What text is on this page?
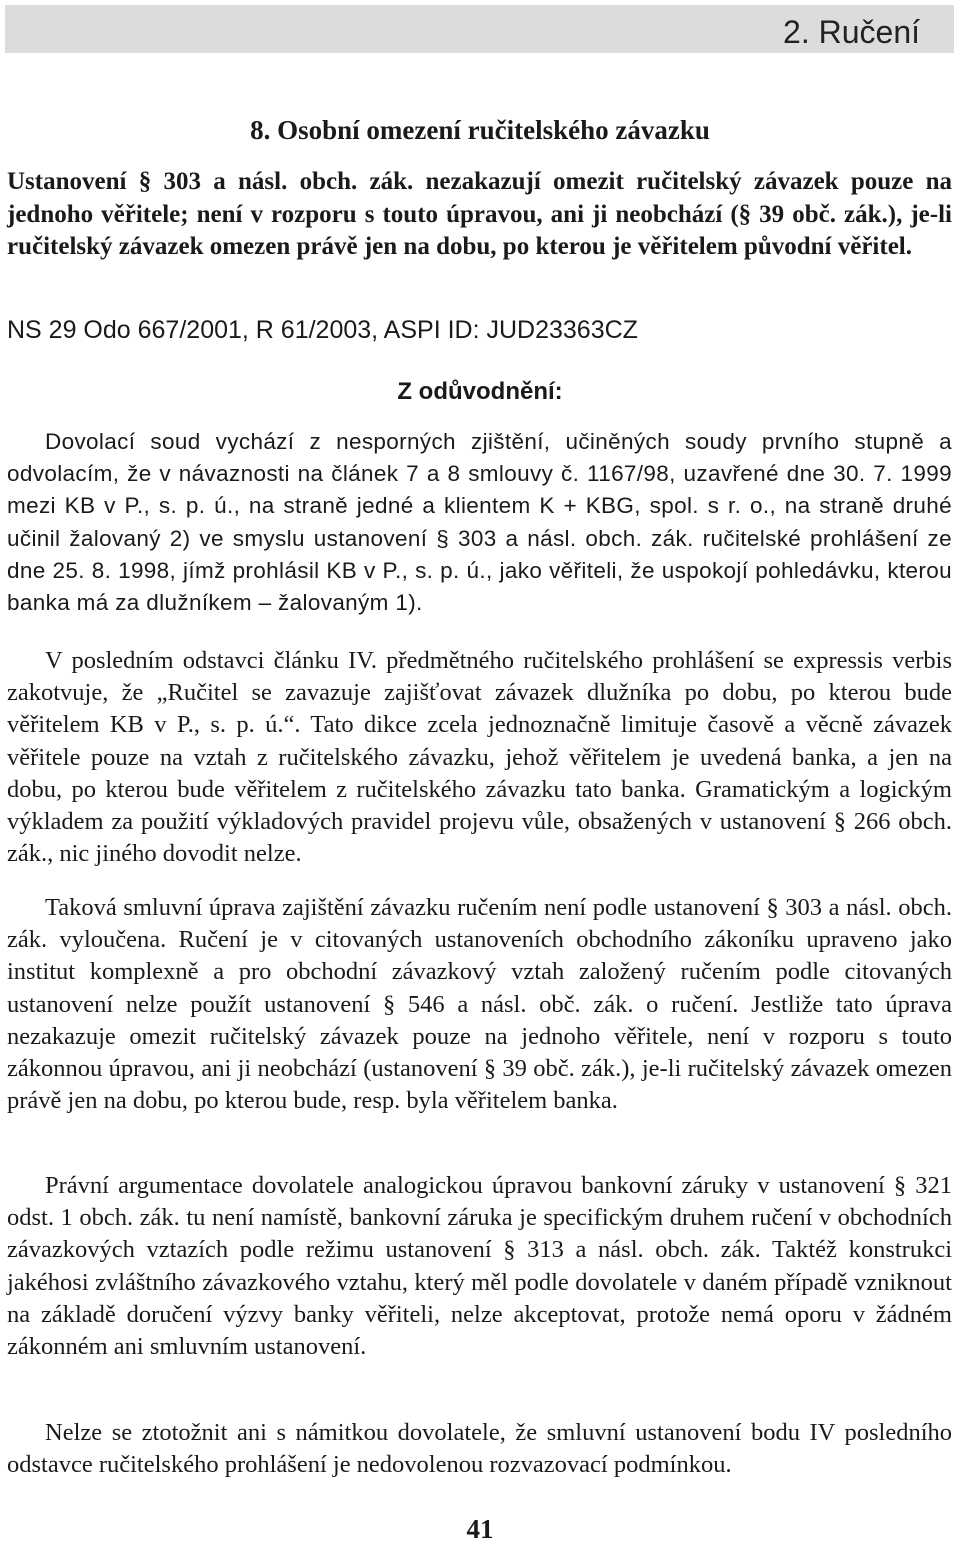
2. Ručení
8. Osobní omezení ručitelského závazku

Ustanovení § 303 a násl. obch. zák. nezakazují omezit ručitelský závazek pouze na jednoho věřitele; není v rozporu s touto úpravou, ani ji neobchází (§ 39 obč. zák.), je-li ručitelský závazek omezen právě jen na dobu, po kterou je věřitelem původní věřitel.

NS 29 Odo 667/2001, R 61/2003, ASPI ID: JUD23363CZ
Z odůvodnění:

Dovolací soud vychází z nesporných zjištění, učiněných soudy prvního stupně a odvolacím, že v návaznosti na článek 7 a 8 smlouvy č. 1167/98, uzavřené dne 30. 7. 1999 mezi KB v P., s. p. ú., na straně jedné a klientem K + KBG, spol. s r. o., na straně druhé učinil žalovaný 2) ve smyslu ustanovení § 303 a násl. obch. zák. ručitelské prohlášení ze dne 25. 8. 1998, jímž prohlásil KB v P., s. p. ú., jako věřiteli, že uspokojí pohledávku, kterou banka má za dlužníkem – žalovaným 1).

V posledním odstavci článku IV. předmětného ručitelského prohlášení se expressis verbis zakotvuje, že „Ručitel se zavazuje zajišťovat závazek dlužníka po dobu, po kterou bude věřitelem KB v P., s. p. ú.“. Tato dikce zcela jednoznačně limituje časově a věcně závazek věřitele pouze na vztah z ručitelského závazku, jehož věřitelem je uvedená banka, a jen na dobu, po kterou bude věřitelem z ručitelského závazku tato banka. Gramatickým a logickým výkladem za použití výkladových pravidel projevu vůle, obsažených v ustanovení § 266 obch. zák., nic jiného dovodit nelze.

Taková smluvní úprava zajištění závazku ručením není podle ustanovení § 303 a násl. obch. zák. vyloučena. Ručení je v citovaných ustanoveních obchodního zákoníku upraveno jako institut komplexně a pro obchodní závazkový vztah založený ručením podle citovaných ustanovení nelze použít ustanovení § 546 a násl. obč. zák. o ručení. Jestliže tato úprava nezakazuje omezit ručitelský závazek pouze na jednoho věřitele, není v rozporu s touto zákonnou úpravou, ani ji neobchází (ustanovení § 39 obč. zák.), je-li ručitelský závazek omezen právě jen na dobu, po kterou bude, resp. byla věřitelem banka.

Právní argumentace dovolatele analogickou úpravou bankovní záruky v ustanovení § 321 odst. 1 obch. zák. tu není namístě, bankovní záruka je specifickým druhem ručení v obchodních závazkových vztazích podle režimu ustanovení § 313 a násl. obch. zák. Taktéž konstrukci jakéhosi zvláštního závazkového vztahu, který měl podle dovolatele v daném případě vzniknout na základě doručení výzvy banky věřiteli, nelze akceptovat, protože nemá oporu v žádném zákonném ani smluvním ustanovení.

Nelze se ztotožnit ani s námitkou dovolatele, že smluvní ustanovení bodu IV posledního odstavce ručitelského prohlášení je nedovolenou rozvazovací podmínkou.

41
